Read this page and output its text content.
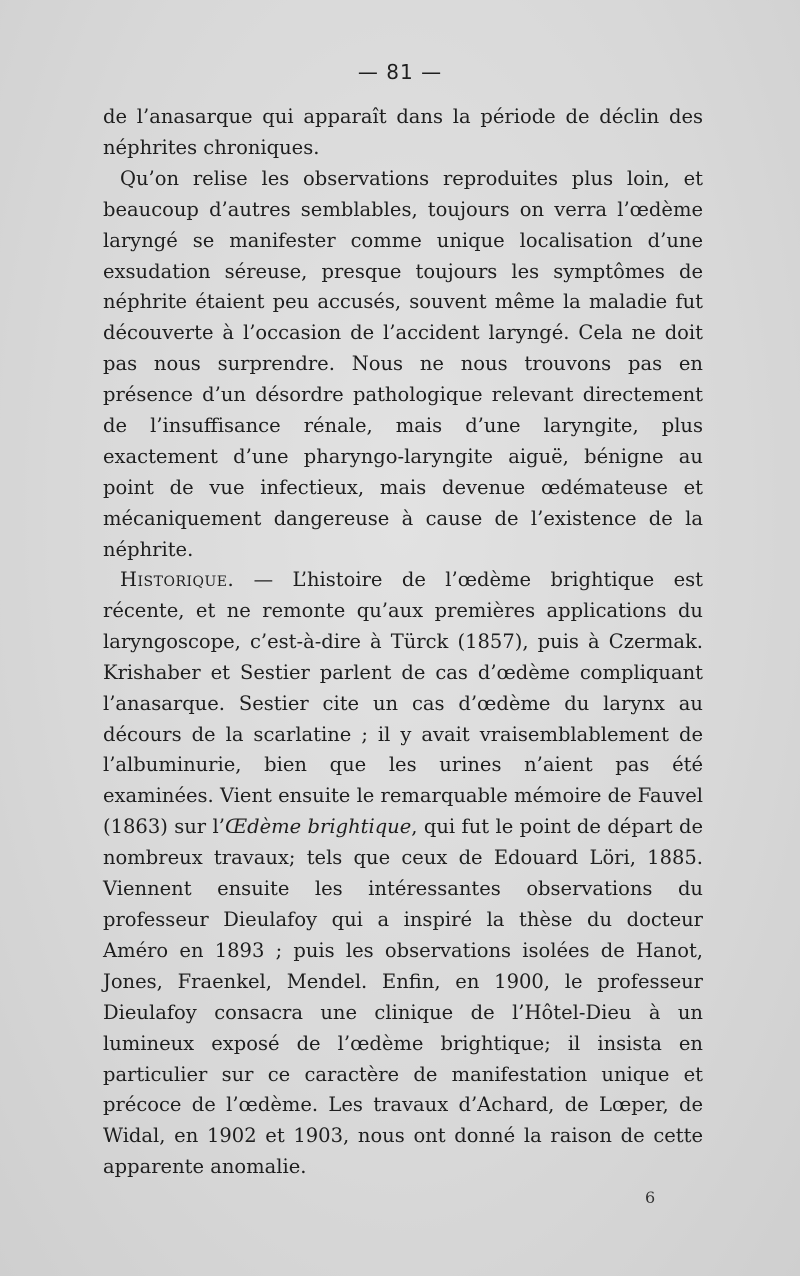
— 81 —

de l’anasarque qui apparaît dans la période de déclin des néphrites chroniques.

Qu’on relise les observations reproduites plus loin, et beaucoup d’autres semblables, toujours on verra l’œdème laryngé se manifester comme unique localisation d’une exsudation séreuse, presque toujours les symptômes de néphrite étaient peu accusés, souvent même la maladie fut découverte à l’occasion de l’accident laryngé. Cela ne doit pas nous surprendre. Nous ne nous trouvons pas en présence d’un désordre pathologique relevant directement de l’insuffisance rénale, mais d’une laryngite, plus exactement d’une pharyngo-laryngite aiguë, bénigne au point de vue infectieux, mais devenue œdémateuse et mécaniquement dangereuse à cause de l’existence de la néphrite.

Historique. — L’histoire de l’œdème brightique est récente, et ne remonte qu’aux premières applications du laryngoscope, c’est-à-dire à Türck (1857), puis à Czermak. Krishaber et Sestier parlent de cas d’œdème compliquant l’anasarque. Sestier cite un cas d’œdème du larynx au décours de la scarlatine ; il y avait vraisemblablement de l’albuminurie, bien que les urines n’aient pas été examinées. Vient ensuite le remarquable mémoire de Fauvel (1863) sur l’Œdème brightique, qui fut le point de départ de nombreux travaux; tels que ceux de Edouard Löri, 1885. Viennent ensuite les intéressantes observations du professeur Dieulafoy qui a inspiré la thèse du docteur Améro en 1893 ; puis les observations isolées de Hanot, Jones, Fraenkel, Mendel. Enfin, en 1900, le professeur Dieulafoy consacra une clinique de l’Hôtel-Dieu à un lumineux exposé de l’œdème brightique; il insista en particulier sur ce caractère de manifestation unique et précoce de l’œdème. Les travaux d’Achard, de Lœper, de Widal, en 1902 et 1903, nous ont donné la raison de cette apparente anomalie.

6
